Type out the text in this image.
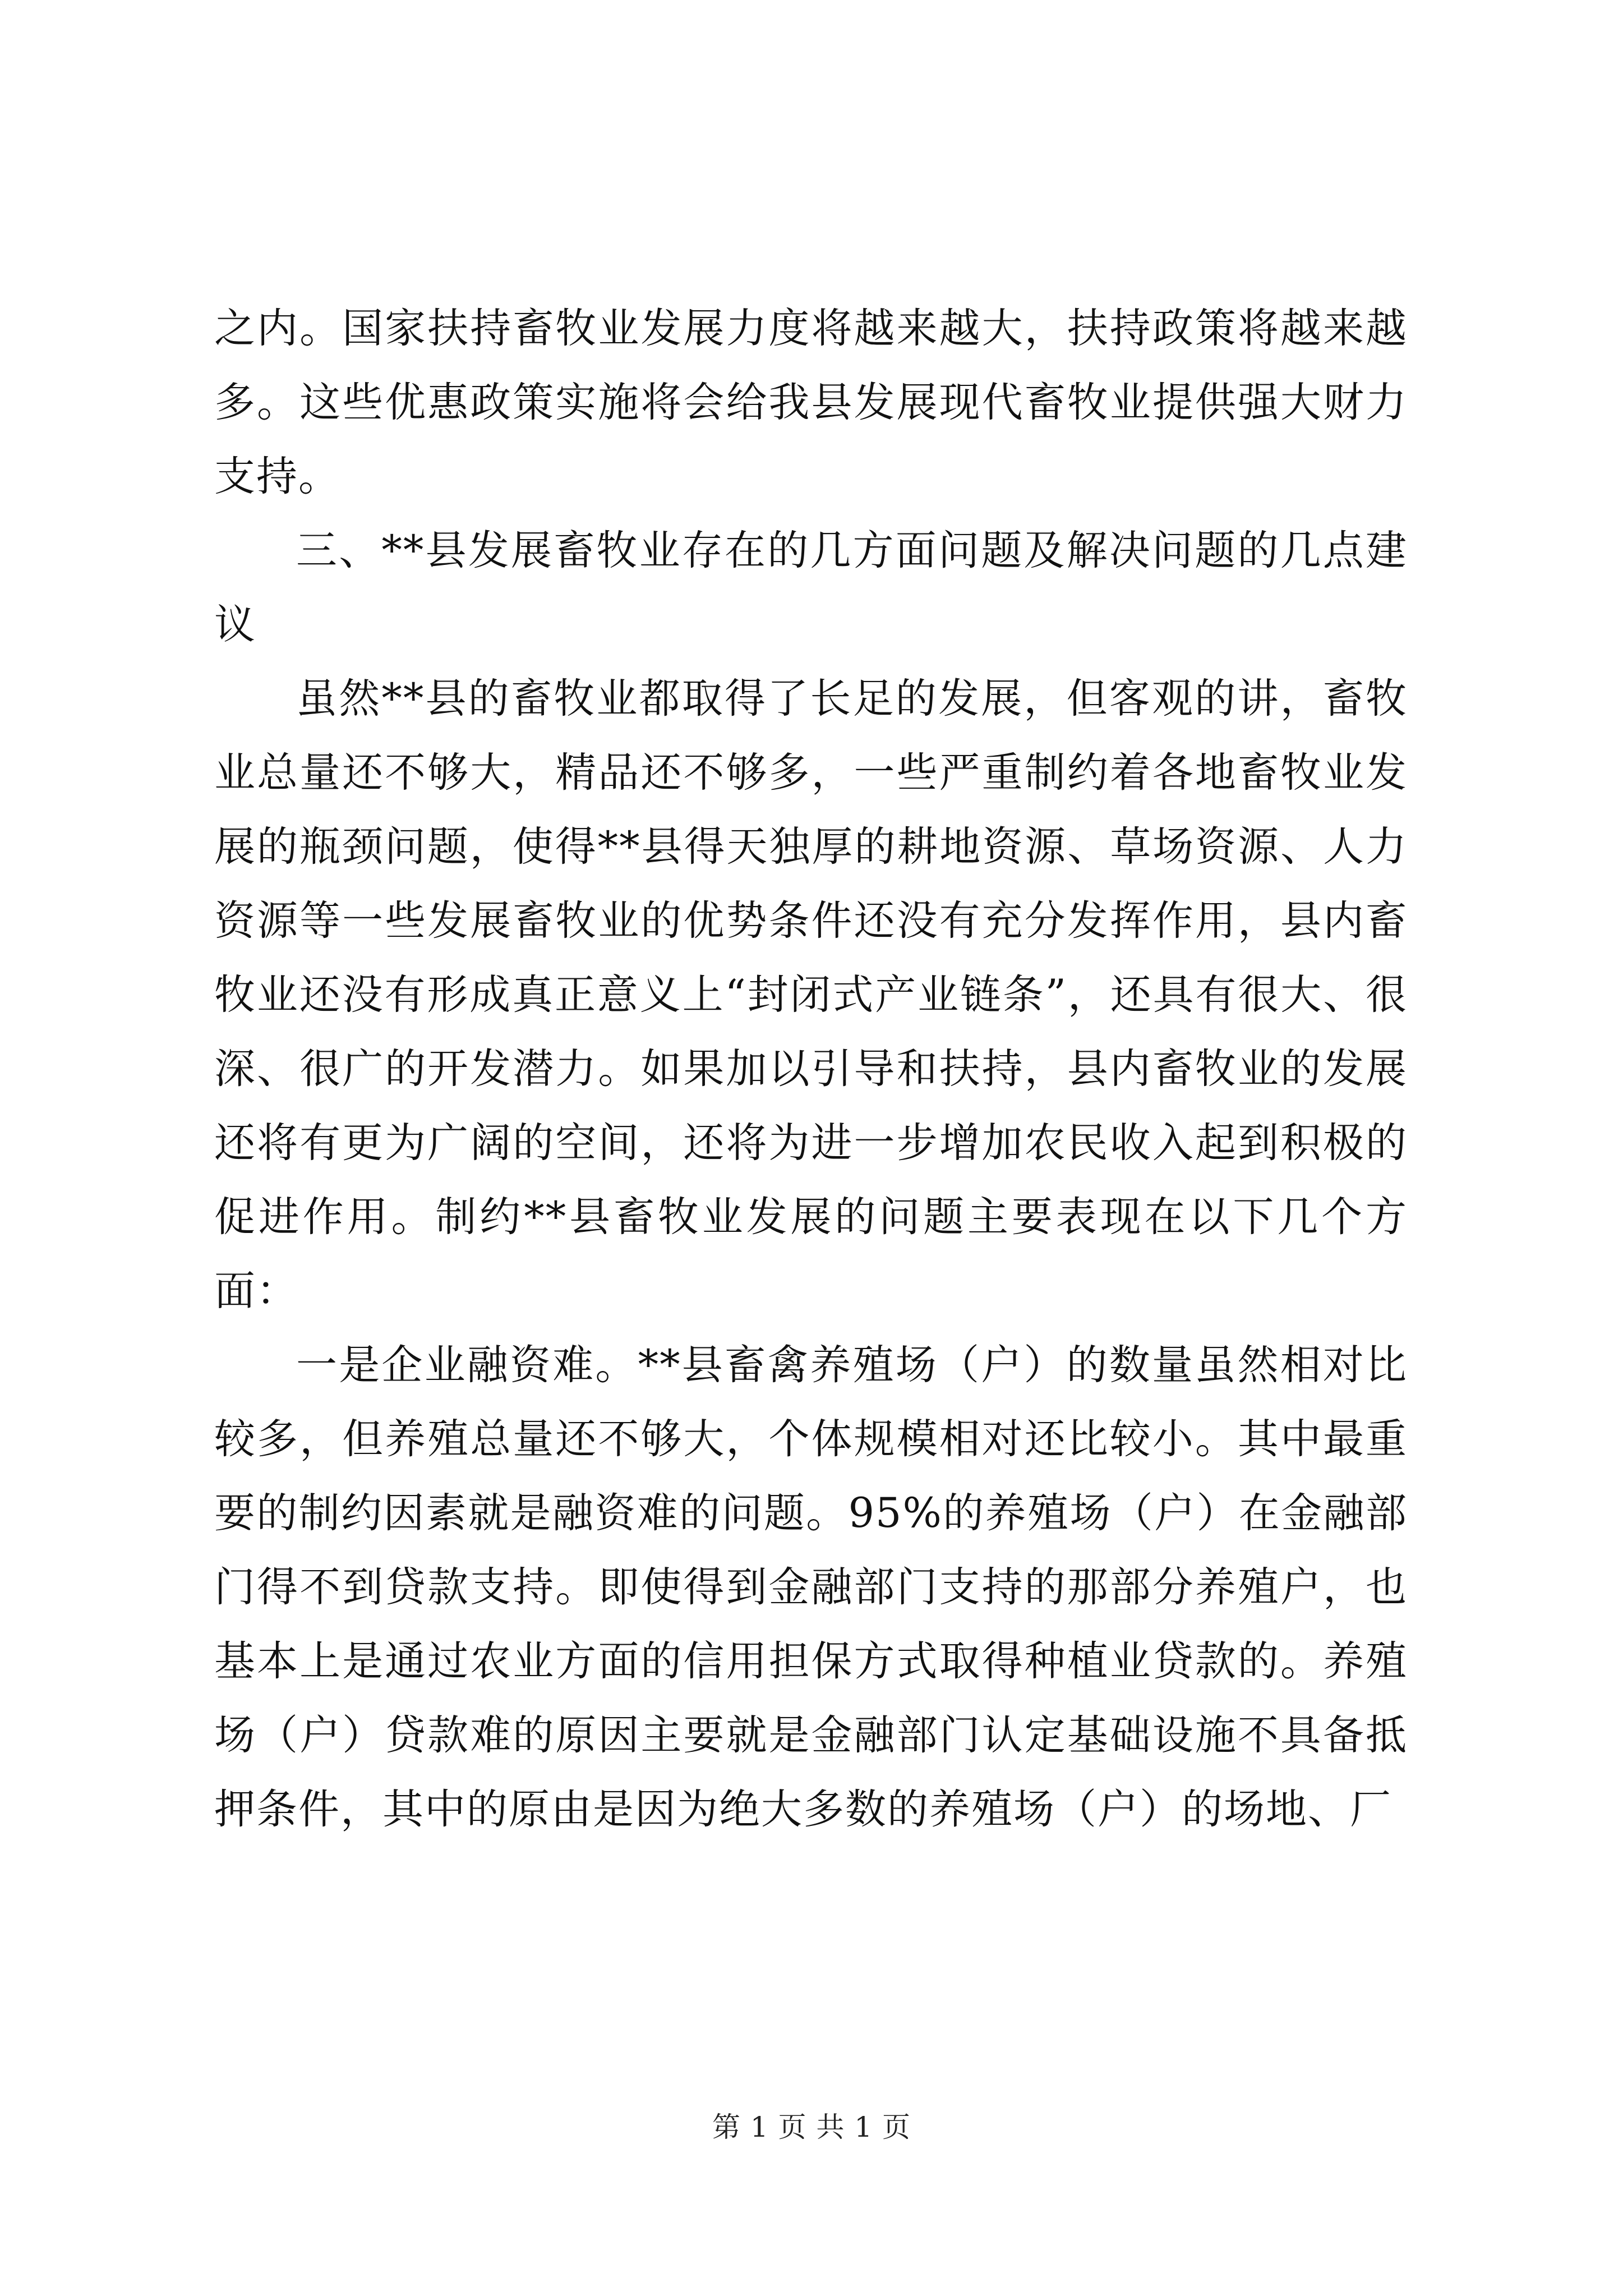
之内。国家扶持畜牧业发展力度将越来越大，扶持政策将越来越多。这些优惠政策实施将会给我县发展现代畜牧业提供强大财力支持。

三、**县发展畜牧业存在的几方面问题及解决问题的几点建议

虽然**县的畜牧业都取得了长足的发展，但客观的讲，畜牧业总量还不够大，精品还不够多，一些严重制约着各地畜牧业发展的瓶颈问题，使得**县得天独厚的耕地资源、草场资源、人力资源等一些发展畜牧业的优势条件还没有充分发挥作用，县内畜牧业还没有形成真正意义上“封闭式产业链条”，还具有很大、很深、很广的开发潜力。如果加以引导和扶持，县内畜牧业的发展还将有更为广阔的空间，还将为进一步增加农民收入起到积极的促进作用。制约**县畜牧业发展的问题主要表现在以下几个方面：

一是企业融资难。**县畜禽养殖场（户）的数量虽然相对比较多，但养殖总量还不够大，个体规模相对还比较小。其中最重要的制约因素就是融资难的问题。95%的养殖场（户）在金融部门得不到贷款支持。即使得到金融部门支持的那部分养殖户，也基本上是通过农业方面的信用担保方式取得种植业贷款的。养殖场（户）贷款难的原因主要就是金融部门认定基础设施不具备抵押条件，其中的原由是因为绝大多数的养殖场（户）的场地、厂

第 1 页 共 1 页
